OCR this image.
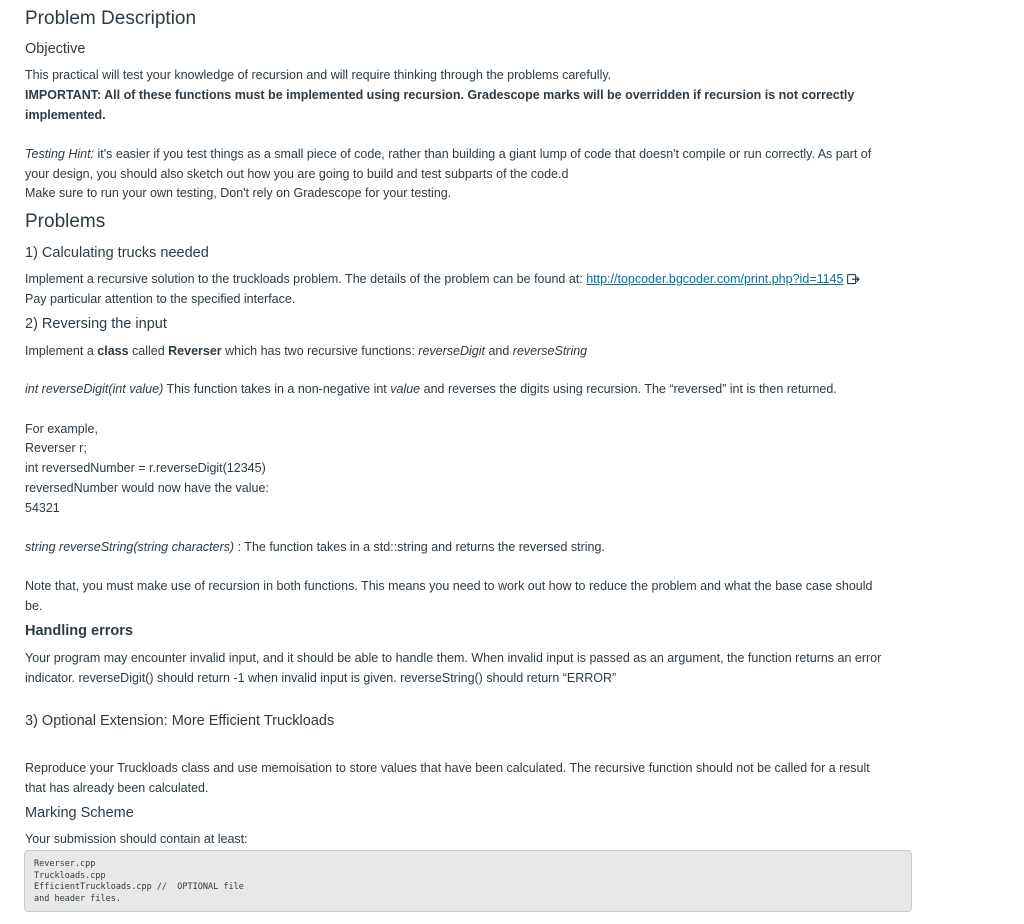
Problem Description
Objective
This practical will test your knowledge of recursion and will require thinking through the problems carefully.
IMPORTANT: All of these functions must be implemented using recursion. Gradescope marks will be overridden if recursion is not correctly
implemented.
Testing Hint: it's easier if you test things as a small piece of code, rather than building a giant lump of code that doesn't compile or run correctly. As part of
your design, you should also sketch out how you are going to build and test subparts of the code.d
Make sure to run your own testing, Don't rely on Gradescope for your testing.
Problems
1) Calculating trucks needed
Implement a recursive solution to the truckloads problem. The details of the problem can be found at: http://topcoder.bgcoder.com/print.php?id=1145
Pay particular attention to the specified interface.
2) Reversing the input
Implement a class called Reverser which has two recursive functions: reverseDigit and reverseString
int reverseDigit(int value) This function takes in a non-negative int value and reverses the digits using recursion. The “reversed” int is then returned.
For example,
Reverser r;
int reversedNumber = r.reverseDigit(12345)
reversedNumber would now have the value:
54321
string reverseString(string characters) : The function takes in a std::string and returns the reversed string.
Note that, you must make use of recursion in both functions. This means you need to work out how to reduce the problem and what the base case should
be.
Handling errors
Your program may encounter invalid input, and it should be able to handle them. When invalid input is passed as an argument, the function returns an error
indicator. reverseDigit() should return -1 when invalid input is given. reverseString() should return “ERROR”
3) Optional Extension: More Efficient Truckloads
Reproduce your Truckloads class and use memoisation to store values that have been calculated. The recursive function should not be called for a result
that has already been calculated.
Marking Scheme
Your submission should contain at least:
Reverser.cpp
Truckloads.cpp
EfficientTruckloads.cpp //  OPTIONAL file
and header files.
